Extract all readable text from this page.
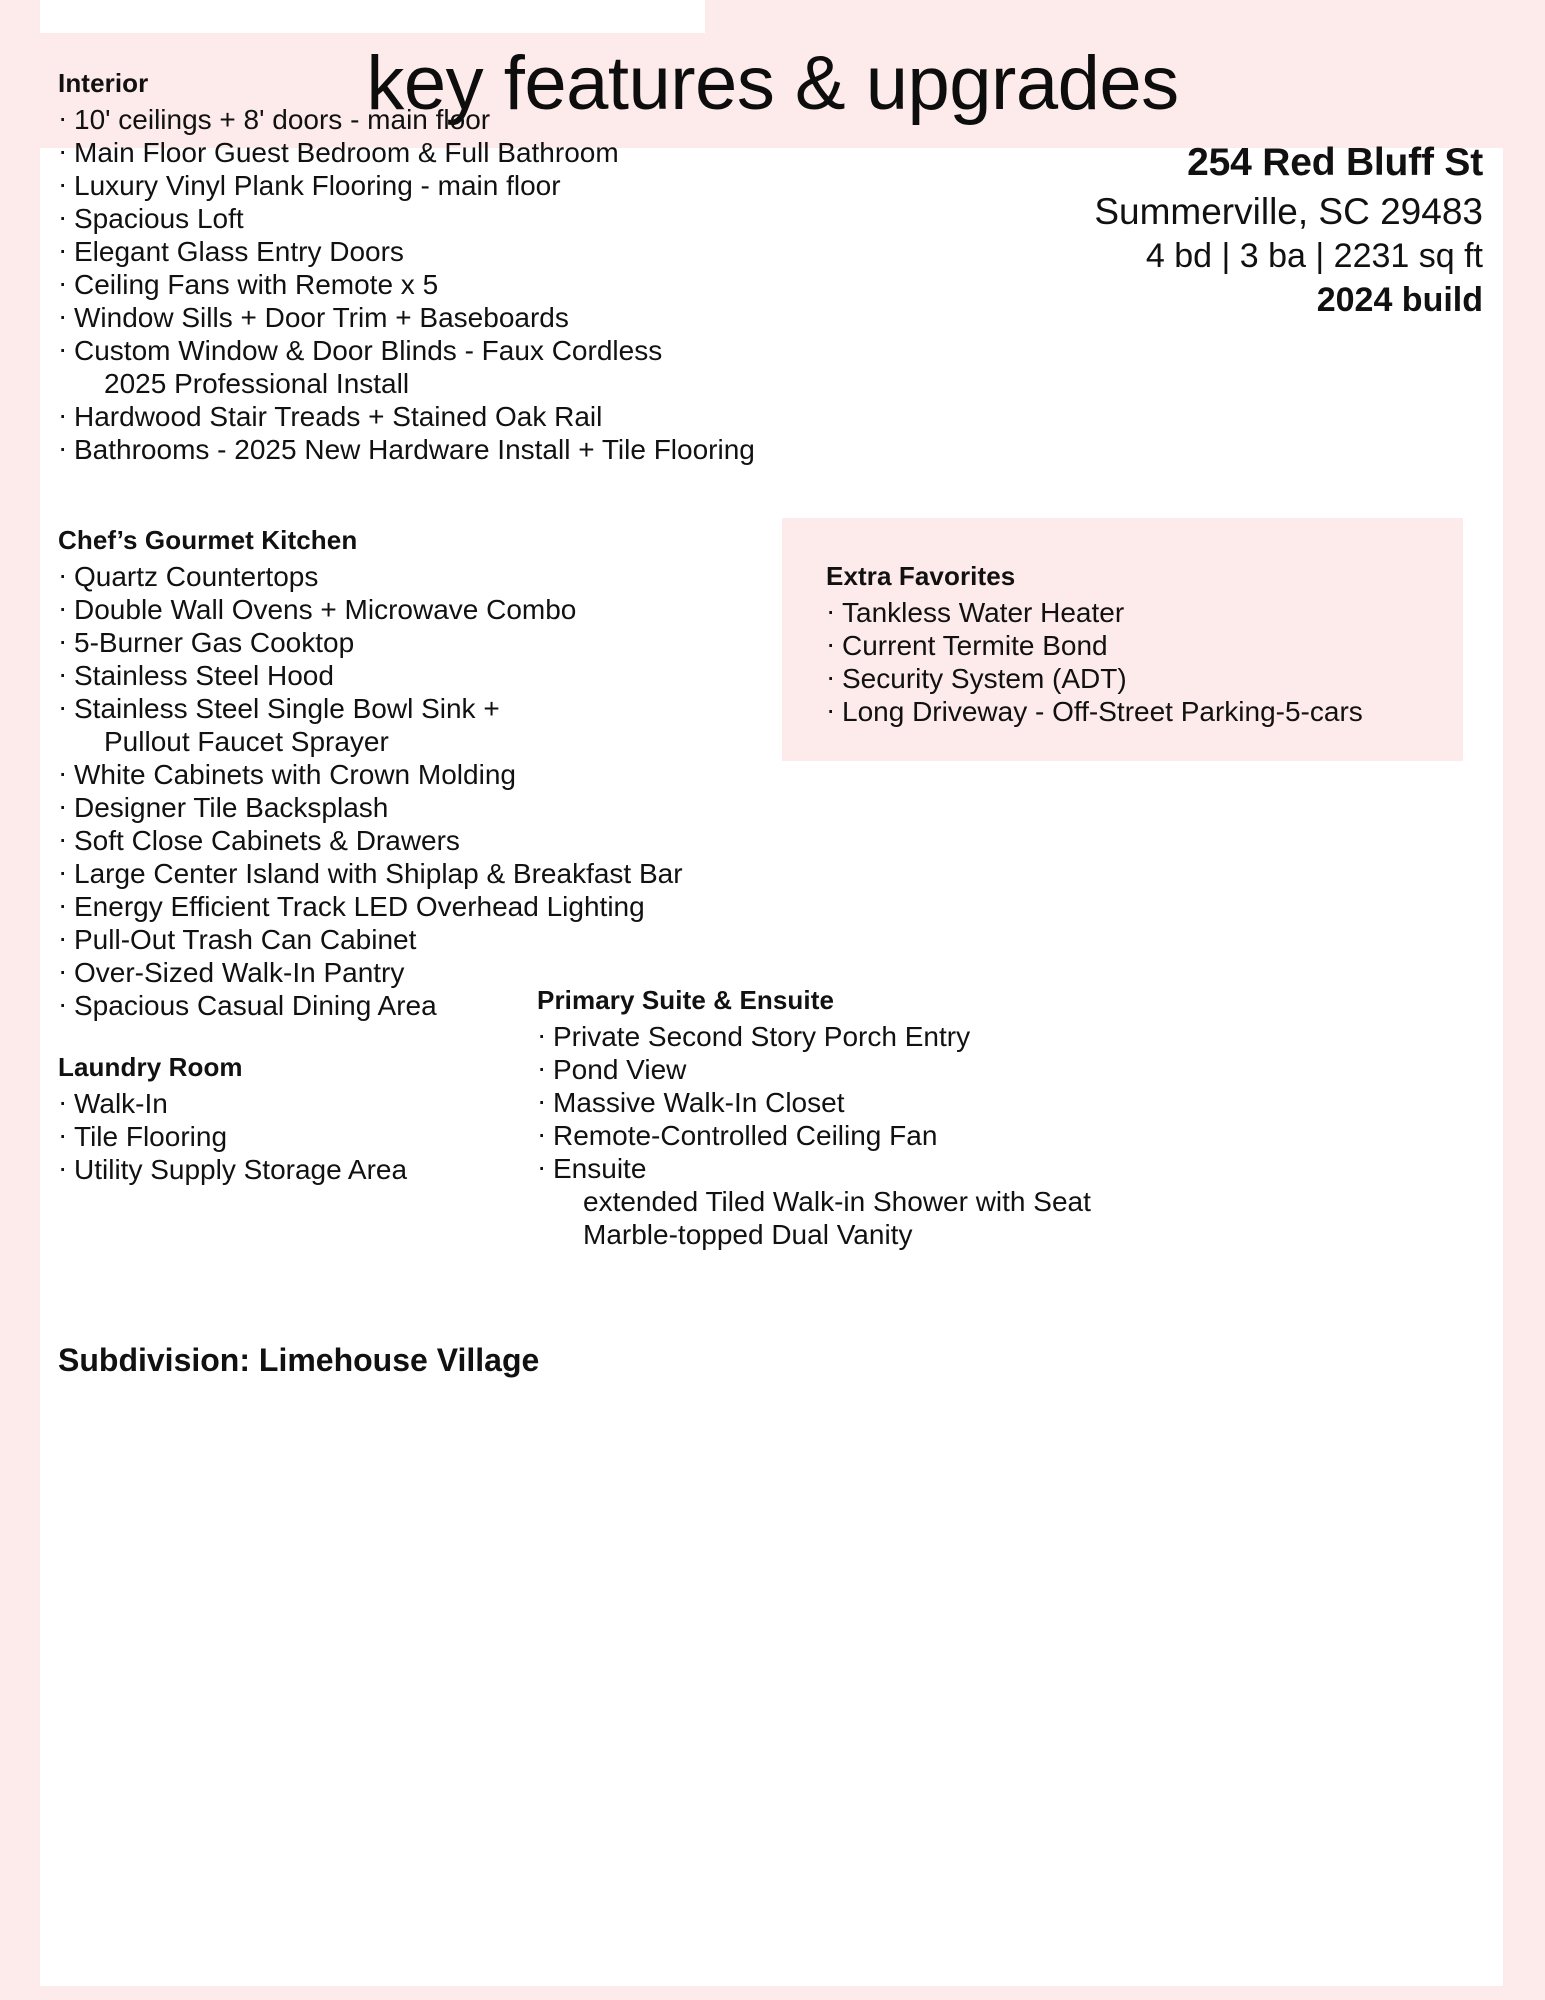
key features & upgrades
254 Red Bluff St
Summerville, SC 29483
4 bd | 3 ba | 2231 sq ft
2024 build
Interior
· 10' ceilings + 8' doors - main floor
· Main Floor Guest Bedroom & Full Bathroom
· Luxury Vinyl Plank Flooring - main floor
· Spacious Loft
· Elegant Glass Entry Doors
· Ceiling Fans with Remote x 5
· Window Sills + Door Trim + Baseboards
· Custom Window & Door Blinds - Faux Cordless
2025 Professional Install
· Hardwood Stair Treads + Stained Oak Rail
· Bathrooms - 2025 New Hardware Install + Tile Flooring
Chef’s Gourmet Kitchen
· Quartz Countertops
· Double Wall Ovens + Microwave Combo
· 5-Burner Gas Cooktop
· Stainless Steel Hood
· Stainless Steel Single Bowl Sink +
Pullout Faucet Sprayer
· White Cabinets with Crown Molding
· Designer Tile Backsplash
· Soft Close Cabinets & Drawers
· Large Center Island with Shiplap & Breakfast Bar
· Energy Efficient Track LED Overhead Lighting
· Pull-Out Trash Can Cabinet
· Over-Sized Walk-In Pantry
· Spacious Casual Dining Area
Extra Favorites
· Tankless Water Heater
· Current Termite Bond
· Security System (ADT)
· Long Driveway - Off-Street Parking-5-cars
Laundry Room
· Walk-In
· Tile Flooring
· Utility Supply Storage Area
Primary Suite & Ensuite
· Private Second Story Porch Entry
· Pond View
· Massive Walk-In Closet
· Remote-Controlled Ceiling Fan
· Ensuite
extended Tiled Walk-in Shower with Seat
Marble-topped Dual Vanity
Subdivision: Limehouse Village
